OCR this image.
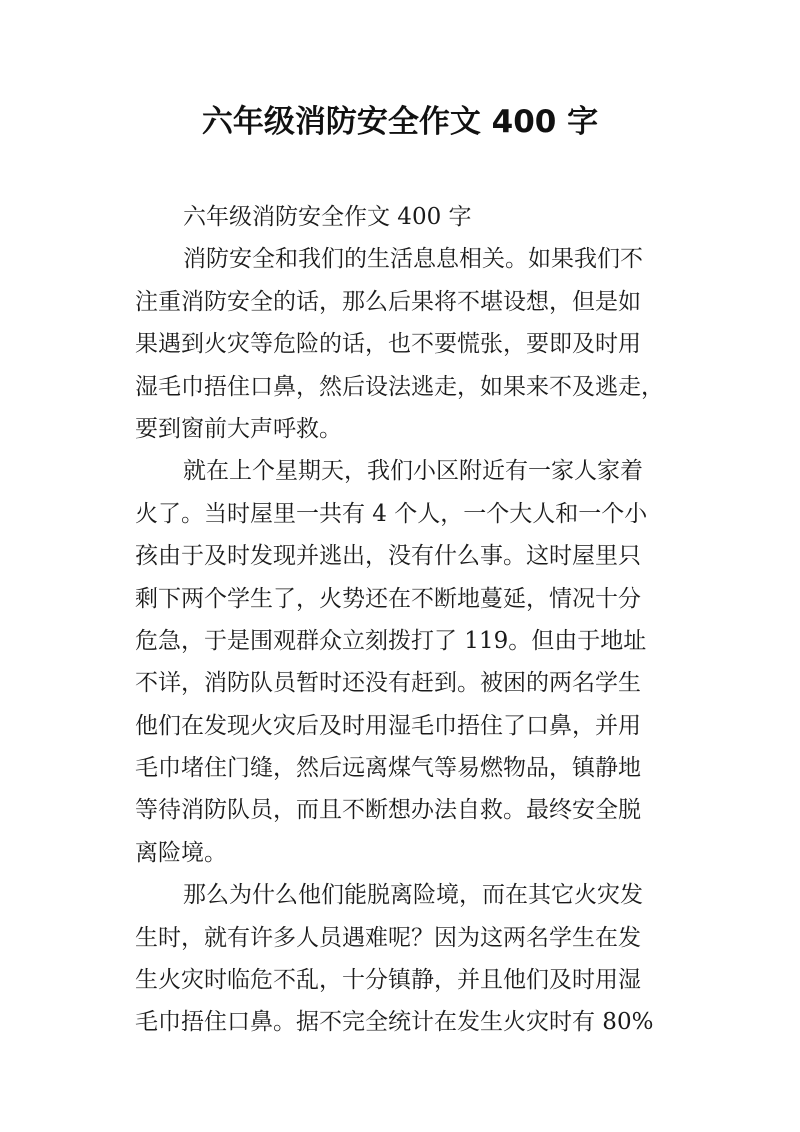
六年级消防安全作文 400 字
六年级消防安全作文 400 字
消防安全和我们的生活息息相关。如果我们不
注重消防安全的话，那么后果将不堪设想，但是如
果遇到火灾等危险的话，也不要慌张，要即及时用
湿毛巾捂住口鼻，然后设法逃走，如果来不及逃走，
要到窗前大声呼救。
就在上个星期天，我们小区附近有一家人家着
火了。当时屋里一共有 4 个人，一个大人和一个小
孩由于及时发现并逃出，没有什么事。这时屋里只
剩下两个学生了，火势还在不断地蔓延，情况十分
危急，于是围观群众立刻拨打了 119。但由于地址
不详，消防队员暂时还没有赶到。被困的两名学生
他们在发现火灾后及时用湿毛巾捂住了口鼻，并用
毛巾堵住门缝，然后远离煤气等易燃物品，镇静地
等待消防队员，而且不断想办法自救。最终安全脱
离险境。
那么为什么他们能脱离险境，而在其它火灾发
生时，就有许多人员遇难呢？因为这两名学生在发
生火灾时临危不乱，十分镇静，并且他们及时用湿
毛巾捂住口鼻。据不完全统计在发生火灾时有 80%
